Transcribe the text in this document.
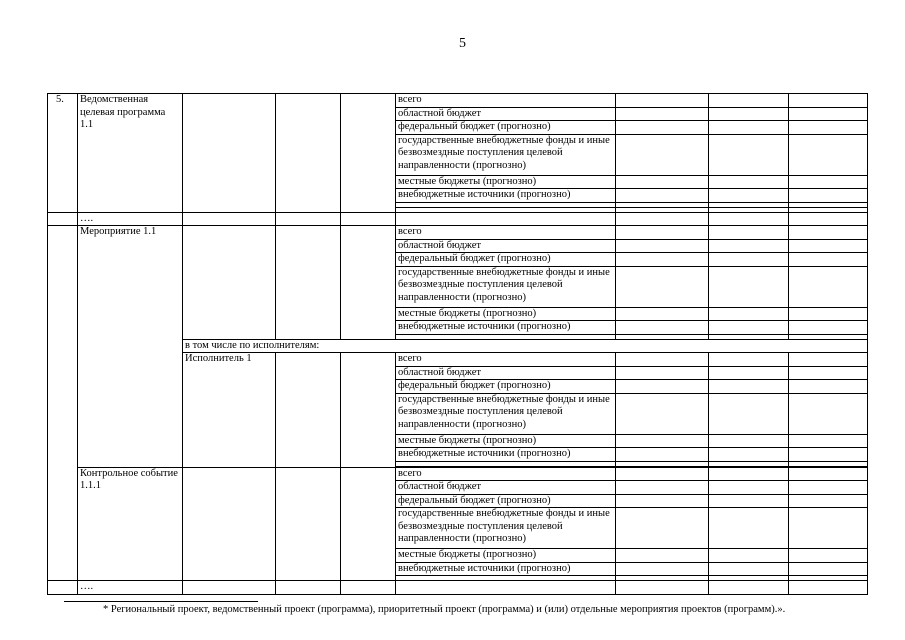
5
5.	Ведомственная целевая программа 1.1				всего			
					областной бюджет			
					федеральный бюджет (прогнозно)			
					государственные внебюджетные фонды и иные безвозмездные поступления целевой направленности (прогнозно)			
					местные бюджеты (прогнозно)			
					внебюджетные источники (прогнозно)			

	….							
	Мероприятие 1.1				всего			
					областной бюджет			
					федеральный бюджет (прогнозно)			
					государственные внебюджетные фонды и иные безвозмездные поступления целевой направленности (прогнозно)			
					местные бюджеты (прогнозно)			
					внебюджетные источники (прогнозно)			

		в том числе по исполнителям:						
		Исполнитель 1			всего			
					областной бюджет			
					федеральный бюджет (прогнозно)			
					государственные внебюджетные фонды и иные безвозмездные поступления целевой направленности (прогнозно)			
					местные бюджеты (прогнозно)			
					внебюджетные источники (прогнозно)			

	Контрольное событие 1.1.1				всего			
					областной бюджет			
					федеральный бюджет (прогнозно)			
					государственные внебюджетные фонды и иные безвозмездные поступления целевой направленности (прогнозно)			
					местные бюджеты (прогнозно)			
					внебюджетные источники (прогнозно)			

	….							
* Региональный проект, ведомственный проект (программа), приоритетный проект (программа) и (или) отдельные мероприятия проектов (программ).».
